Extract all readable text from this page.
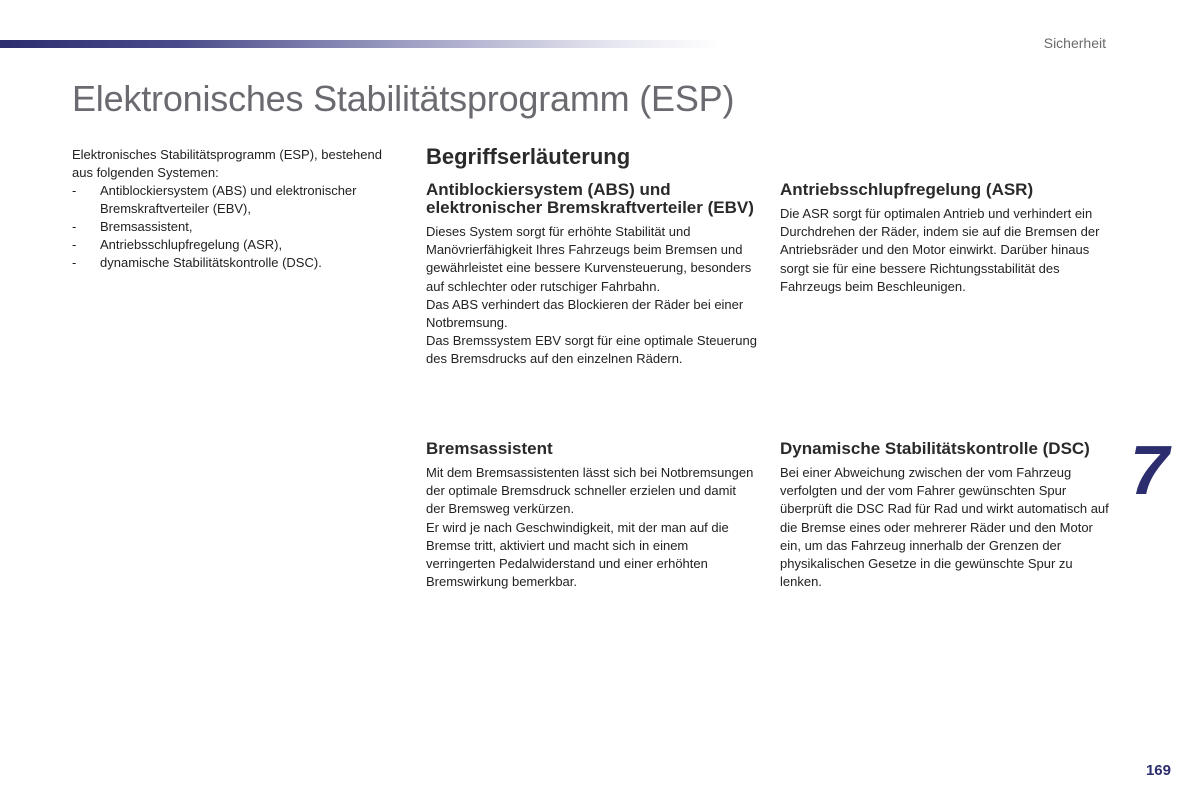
Sicherheit
Elektronisches Stabilitätsprogramm (ESP)

Elektronisches Stabilitätsprogramm (ESP), bestehend aus folgenden Systemen:

- Antiblockiersystem (ABS) und elektronischer Bremskraftverteiler (EBV),
- Bremsassistent,
- Antriebsschlupfregelung (ASR),
- dynamische Stabilitätskontrolle (DSC).
Begriffserläuterung
Antiblockiersystem (ABS) und elektronischer Bremskraftverteiler (EBV)

Dieses System sorgt für erhöhte Stabilität und Manövrierfähigkeit Ihres Fahrzeugs beim Bremsen und gewährleistet eine bessere Kurvensteuerung, besonders auf schlechter oder rutschiger Fahrbahn.

Das ABS verhindert das Blockieren der Räder bei einer Notbremsung.

Das Bremssystem EBV sorgt für eine optimale Steuerung des Bremsdrucks auf den einzelnen Rädern.

Antriebsschlupfregelung (ASR)

Die ASR sorgt für optimalen Antrieb und verhindert ein Durchdrehen der Räder, indem sie auf die Bremsen der Antriebsräder und den Motor einwirkt. Darüber hinaus sorgt sie für eine bessere Richtungsstabilität des Fahrzeugs beim Beschleunigen.

Bremsassistent

Mit dem Bremsassistenten lässt sich bei Notbremsungen der optimale Bremsdruck schneller erzielen und damit der Bremsweg verkürzen.

Er wird je nach Geschwindigkeit, mit der man auf die Bremse tritt, aktiviert und macht sich in einem verringerten Pedalwiderstand und einer erhöhten Bremswirkung bemerkbar.

Dynamische Stabilitätskontrolle (DSC)

Bei einer Abweichung zwischen der vom Fahrzeug verfolgten und der vom Fahrer gewünschten Spur überprüft die DSC Rad für Rad und wirkt automatisch auf die Bremse eines oder mehrerer Räder und den Motor ein, um das Fahrzeug innerhalb der Grenzen der physikalischen Gesetze in die gewünschte Spur zu lenken.

7
169
